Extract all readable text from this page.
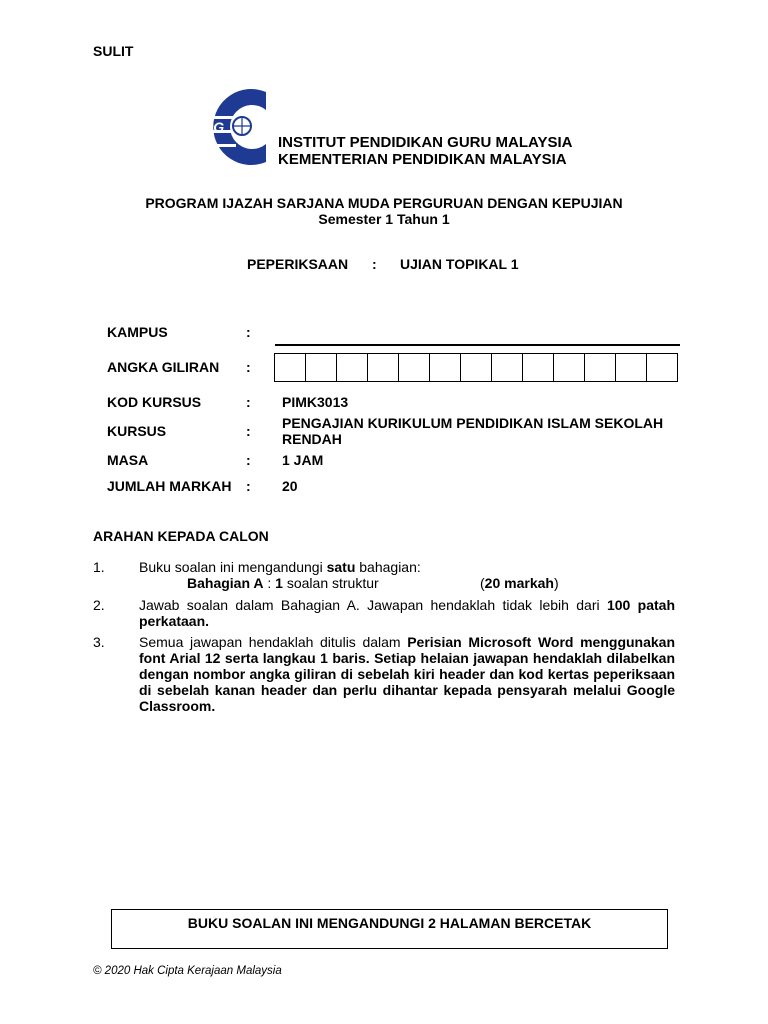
SULIT
IPG
INSTITUT PENDIDIKAN GURU MALAYSIA
KEMENTERIAN PENDIDIKAN MALAYSIA
PROGRAM IJAZAH SARJANA MUDA PERGURUAN DENGAN KEPUJIAN
Semester 1 Tahun 1
PEPERIKSAAN : UJIAN TOPIKAL 1
KAMPUS	:
ANGKA GILIRAN :
KOD KURSUS	: PIMK3013
KURSUS	: PENGAJIAN KURIKULUM PENDIDIKAN ISLAM SEKOLAH
RENDAH
MASA	: 1 JAM
JUMLAH MARKAH : 20
ARAHAN KEPADA CALON
1. Buku soalan ini mengandungi satu bahagian:
Bahagian A : 1 soalan struktur	(20 markah)
2. Jawab soalan dalam Bahagian A. Jawapan hendaklah tidak lebih dari 100 patah perkataan.
3. Semua jawapan hendaklah ditulis dalam Perisian Microsoft Word menggunakan font Arial 12 serta langkau 1 baris. Setiap helaian jawapan hendaklah dilabelkan dengan nombor angka giliran di sebelah kiri header dan kod kertas peperiksaan di sebelah kanan header dan perlu dihantar kepada pensyarah melalui Google Classroom.
BUKU SOALAN INI MENGANDUNGI 2 HALAMAN BERCETAK
© 2020 Hak Cipta Kerajaan Malaysia
